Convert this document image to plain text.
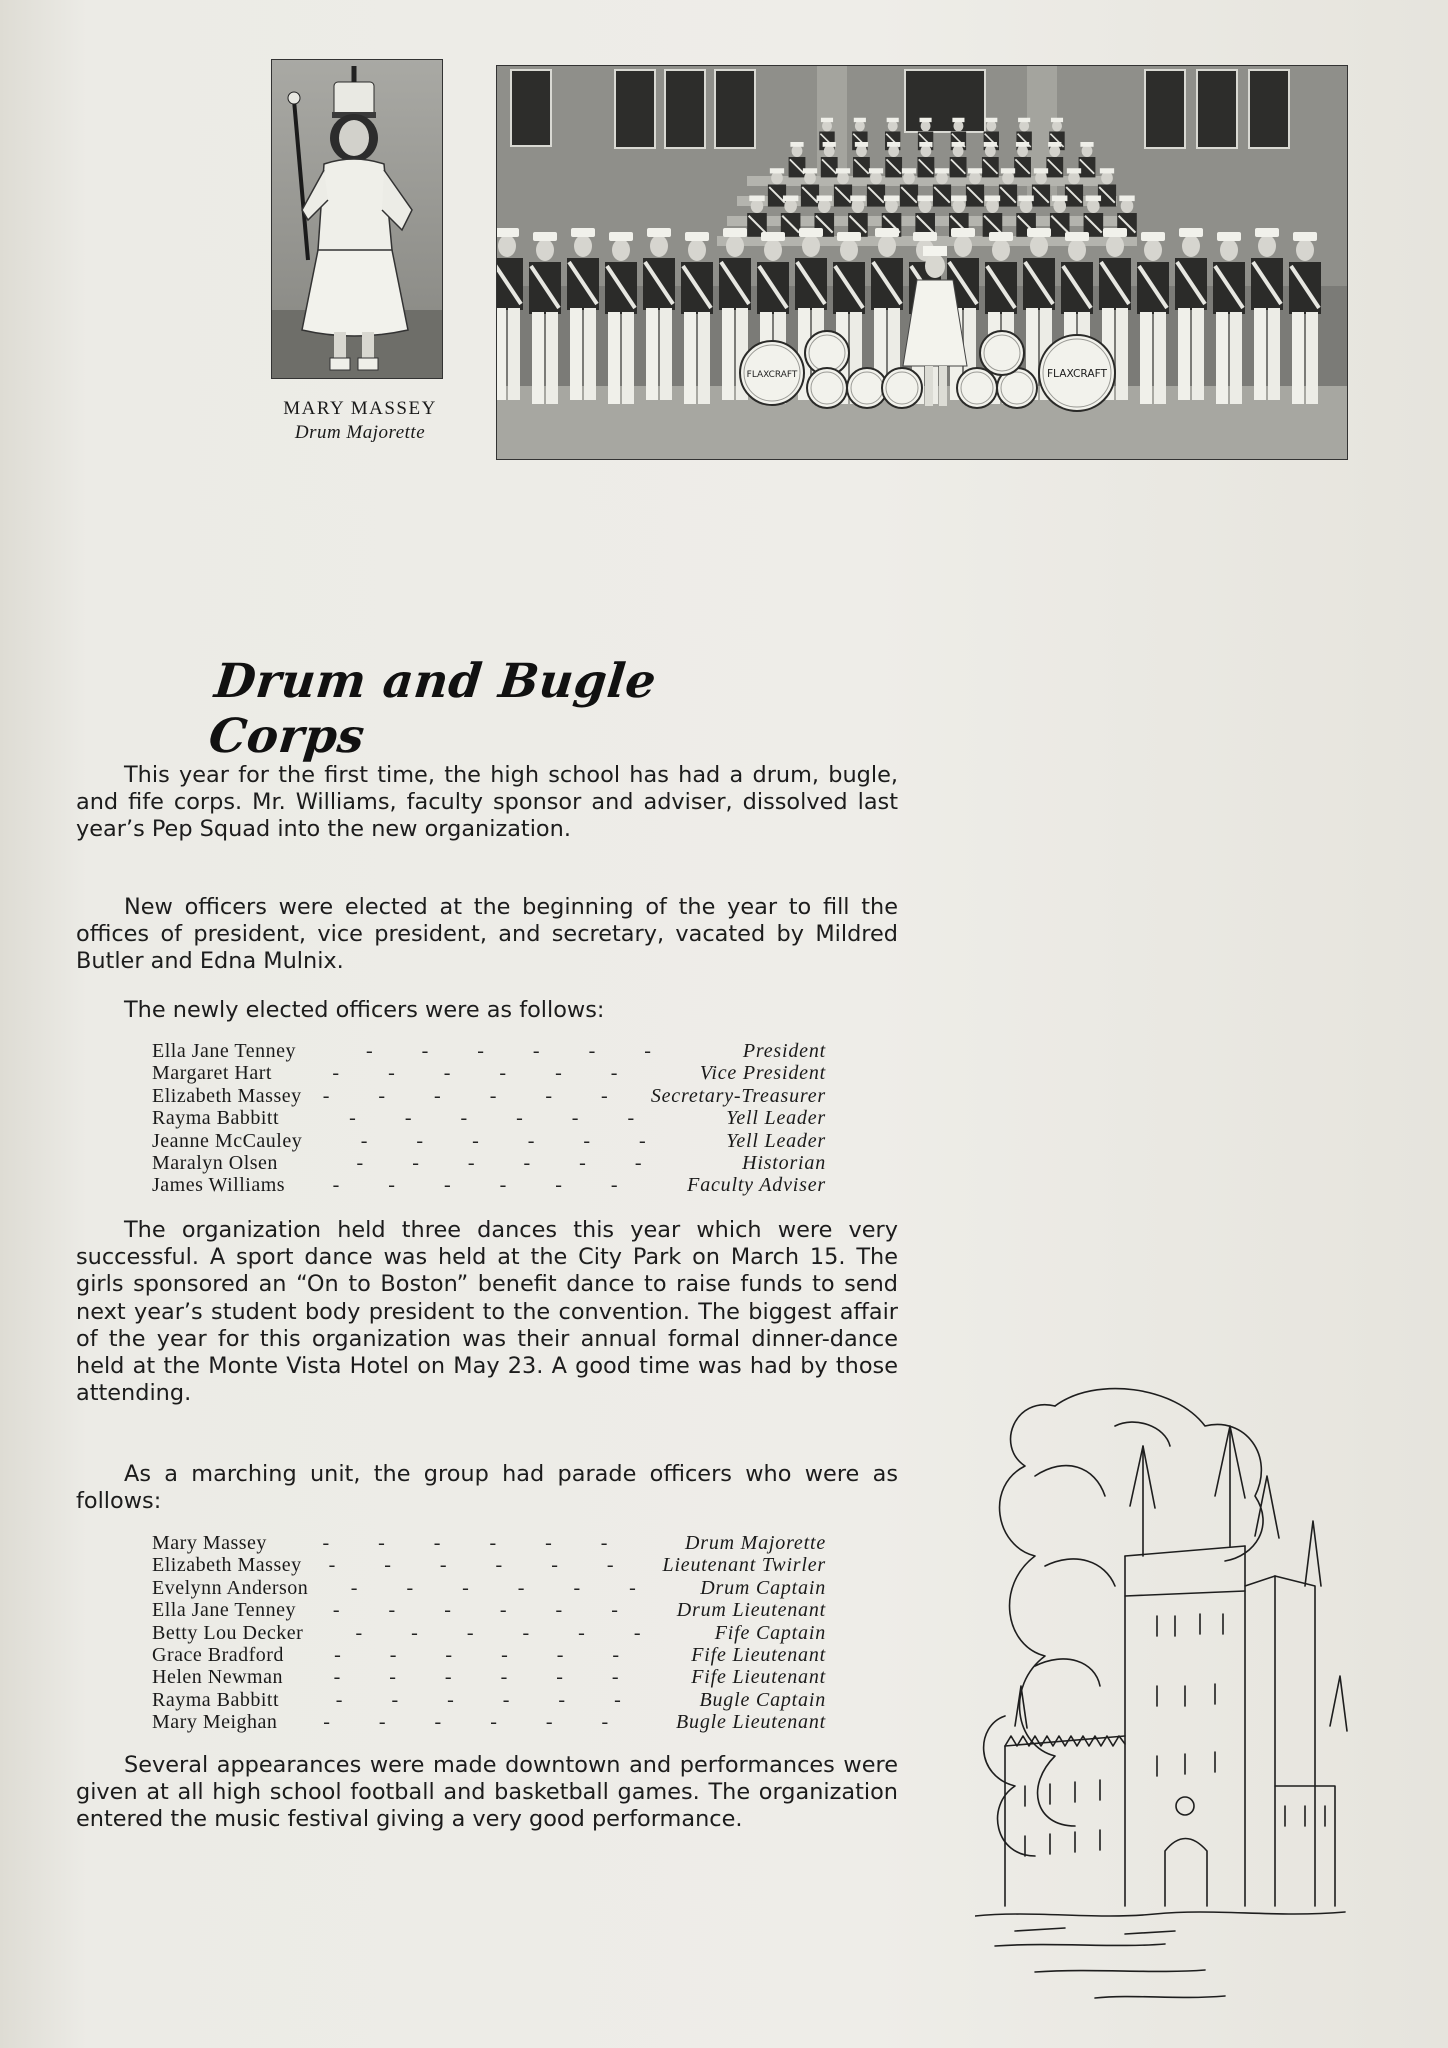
MARY MASSEY
Drum Majorette
FLAXCRAFT	FLAXCRAFT
Drum and Bugle Corps

This year for the first time, the high school has had a drum, bugle, and fife corps. Mr. Williams, faculty sponsor and adviser, dissolved last year’s Pep Squad into the new organization.

New officers were elected at the beginning of the year to fill the offices of president, vice president, and secretary, vacated by Mildred Butler and Edna Mulnix.

The newly elected officers were as follows:

Ella Jane Tenney	- - - - - -	President
Margaret Hart	- - - - - -	Vice President
Elizabeth Massey	- - - - - -	Secretary-Treasurer
Rayma Babbitt	- - - - - -	Yell Leader
Jeanne McCauley	- - - - - -	Yell Leader
Maralyn Olsen	- - - - - -	Historian
James Williams	- - - - - -	Faculty Adviser

The organization held three dances this year which were very successful. A sport dance was held at the City Park on March 15. The girls sponsored an “On to Boston” benefit dance to raise funds to send next year’s student body president to the convention. The biggest affair of the year for this organization was their annual formal dinner-dance held at the Monte Vista Hotel on May 23. A good time was had by those attending.

As a marching unit, the group had parade officers who were as follows:

Mary Massey	- - - - - -	Drum Majorette
Elizabeth Massey	- - - - - -	Lieutenant Twirler
Evelynn Anderson	- - - - - -	Drum Captain
Ella Jane Tenney	- - - - - -	Drum Lieutenant
Betty Lou Decker	- - - - - -	Fife Captain
Grace Bradford	- - - - - -	Fife Lieutenant
Helen Newman	- - - - - -	Fife Lieutenant
Rayma Babbitt	- - - - - -	Bugle Captain
Mary Meighan	- - - - - -	Bugle Lieutenant

Several appearances were made downtown and performances were given at all high school football and basketball games. The organization entered the music festival giving a very good performance.
